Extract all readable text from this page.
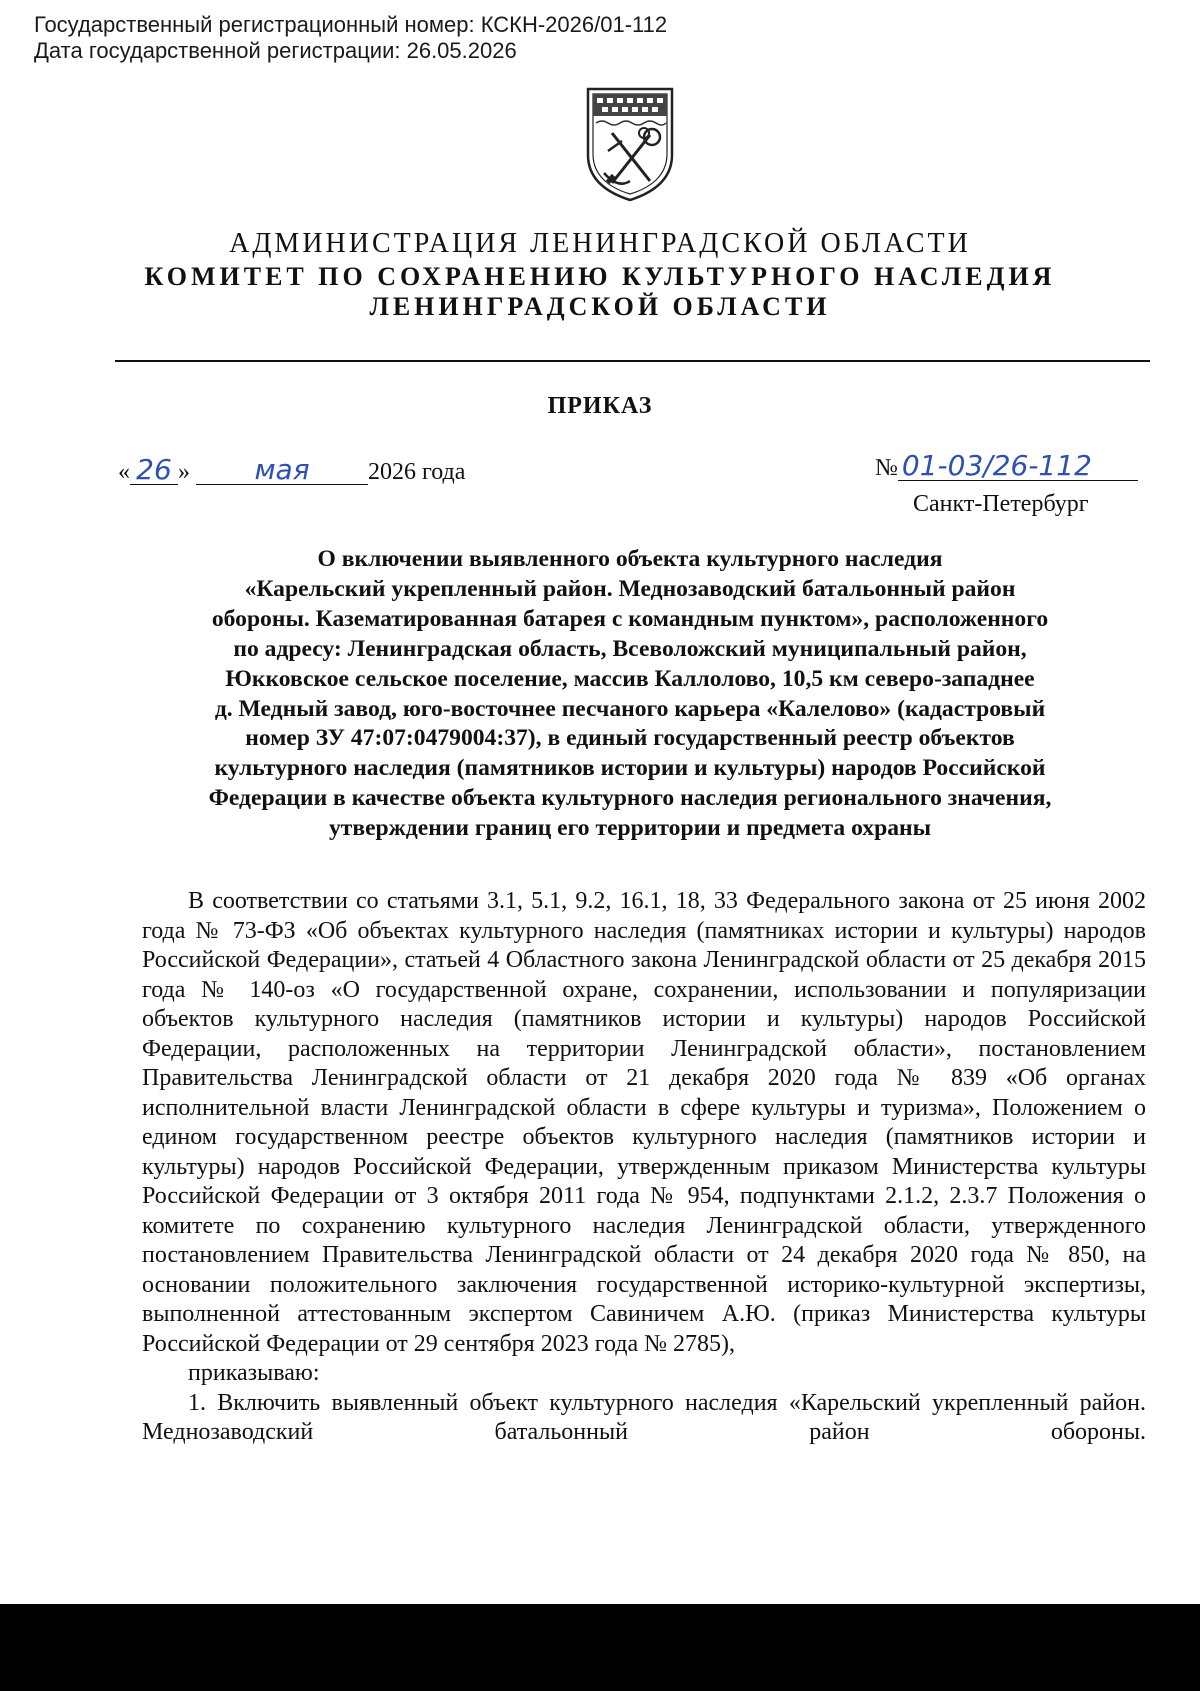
Государственный регистрационный номер: КСКН-2026/01-112
Дата государственной регистрации: 26.05.2026
АДМИНИСТРАЦИЯ ЛЕНИНГРАДСКОЙ ОБЛАСТИ
КОМИТЕТ ПО СОХРАНЕНИЮ КУЛЬТУРНОГО НАСЛЕДИЯ
ЛЕНИНГРАДСКОЙ ОБЛАСТИ
ПРИКАЗ
« 26 » мая 2026 года	№ 01-03/26-112
Санкт-Петербург
О включении выявленного объекта культурного наследия
«Карельский укрепленный район. Меднозаводский батальонный район
обороны. Казематированная батарея с командным пунктом», расположенного
по адресу: Ленинградская область, Всеволожский муниципальный район,
Юкковское сельское поселение, массив Каллолово, 10,5 км северо-западнее
д. Медный завод, юго-восточнее песчаного карьера «Калелово» (кадастровый
номер ЗУ 47:07:0479004:37), в единый государственный реестр объектов
культурного наследия (памятников истории и культуры) народов Российской
Федерации в качестве объекта культурного наследия регионального значения,
утверждении границ его территории и предмета охраны

В соответствии со статьями 3.1, 5.1, 9.2, 16.1, 18, 33 Федерального закона от 25 июня 2002 года № 73-ФЗ «Об объектах культурного наследия (памятниках истории и культуры) народов Российской Федерации», статьей 4 Областного закона Ленинградской области от 25 декабря 2015 года № 140-оз «О государственной охране, сохранении, использовании и популяризации объектов культурного наследия (памятников истории и культуры) народов Российской Федерации, расположенных на территории Ленинградской области», постановлением Правительства Ленинградской области от 21 декабря 2020 года № 839 «Об органах исполнительной власти Ленинградской области в сфере культуры и туризма», Положением о едином государственном реестре объектов культурного наследия (памятников истории и культуры) народов Российской Федерации, утвержденным приказом Министерства культуры Российской Федерации от 3 октября 2011 года № 954, подпунктами 2.1.2, 2.3.7 Положения о комитете по сохранению культурного наследия Ленинградской области, утвержденного постановлением Правительства Ленинградской области от 24 декабря 2020 года № 850, на основании положительного заключения государственной историко-культурной экспертизы, выполненной аттестованным экспертом Савиничем А.Ю. (приказ Министерства культуры Российской Федерации от 29 сентября 2023 года № 2785),

приказываю:

1. Включить выявленный объект культурного наследия «Карельский укрепленный район. Меднозаводский батальонный район обороны.
